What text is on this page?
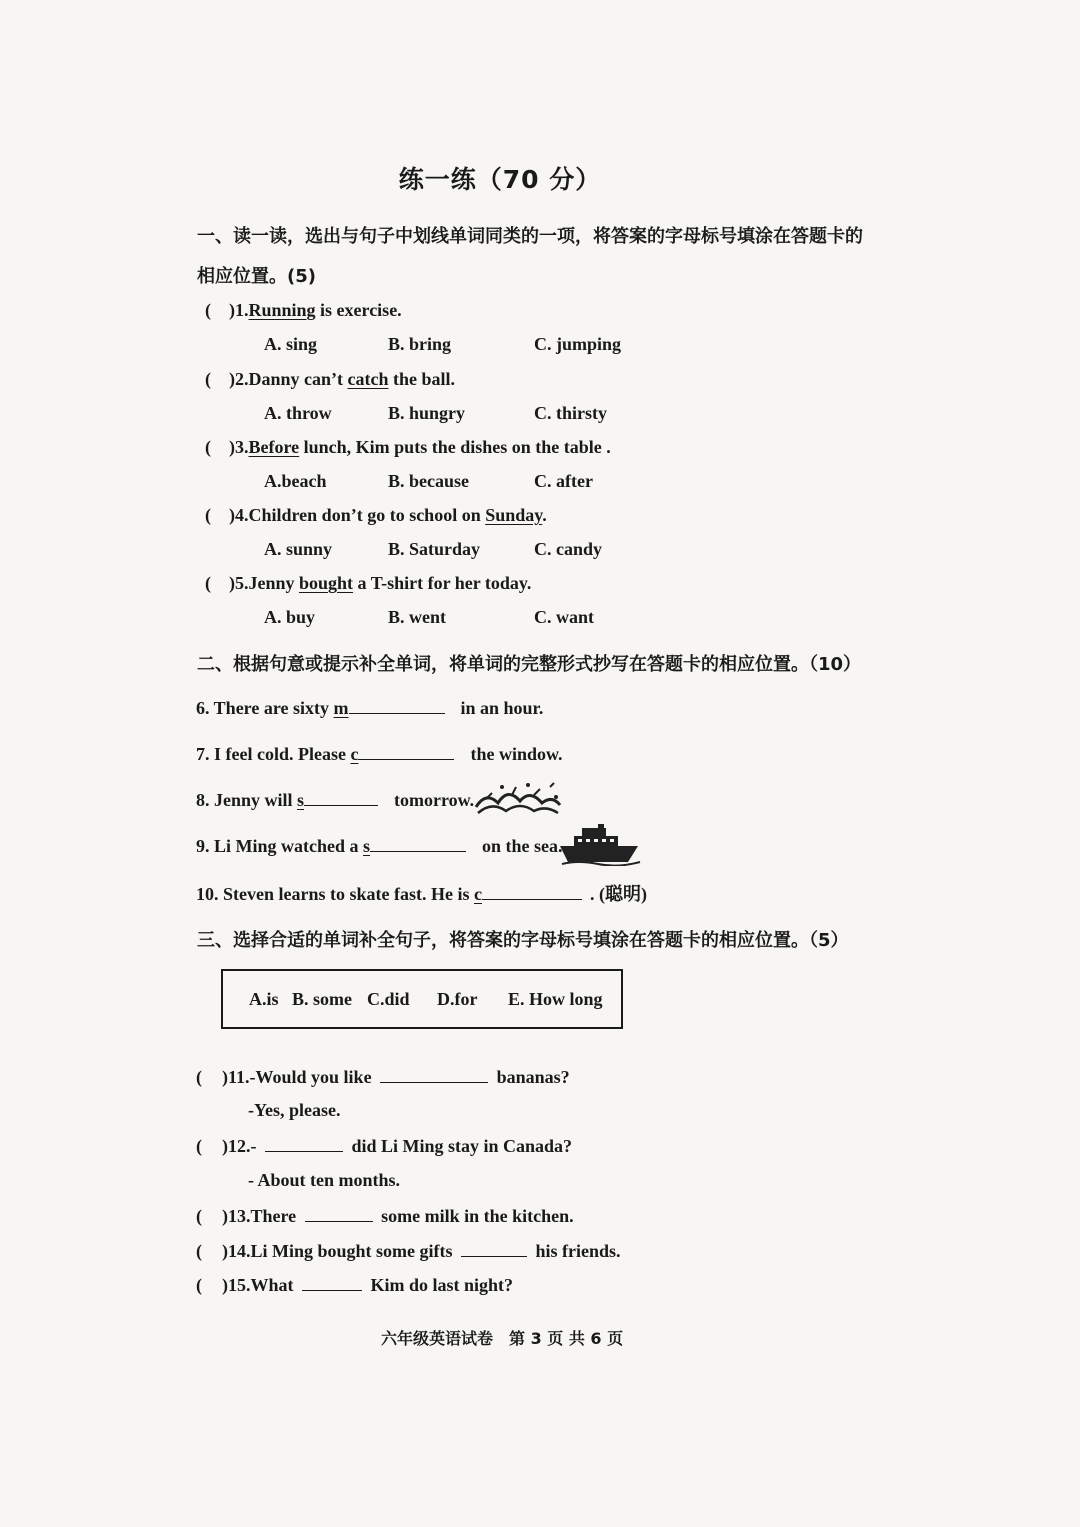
练一练（70 分）
一、读一读，选出与句子中划线单词同类的一项，将答案的字母标号填涂在答题卡的
相应位置。(5)
( )1.Running is exercise.
A. sing	B. bring	C. jumping
( )2.Danny can’t catch the ball.
A. throw	B. hungry	C. thirsty
( )3.Before lunch, Kim puts the dishes on the table .
A.beach	B. because	C. after
( )4.Children don’t go to school on Sunday.
A. sunny	B. Saturday	C. candy
( )5.Jenny bought a T-shirt for her today.
A. buy	B. went	C. want
二、根据句意或提示补全单词，将单词的完整形式抄写在答题卡的相应位置。（10）
6. There are sixty m	in an hour.
7. I feel cold. Please c	the window.
8. Jenny will s	tomorrow.
9. Li Ming watched a s	on the sea.
10. Steven learns to skate fast. He is c	. (聪明)
三、选择合适的单词补全句子，将答案的字母标号填涂在答题卡的相应位置。（5）
A.is B. some C.did D.for E. How long
( )11.-Would you like	bananas?
-Yes, please.
( )12.-	did Li Ming stay in Canada?
- About ten months.
( )13.There	some milk in the kitchen.
( )14.Li Ming bought some gifts	his friends.
( )15.What	Kim do last night?
六年级英语试卷　第 3 页 共 6 页
